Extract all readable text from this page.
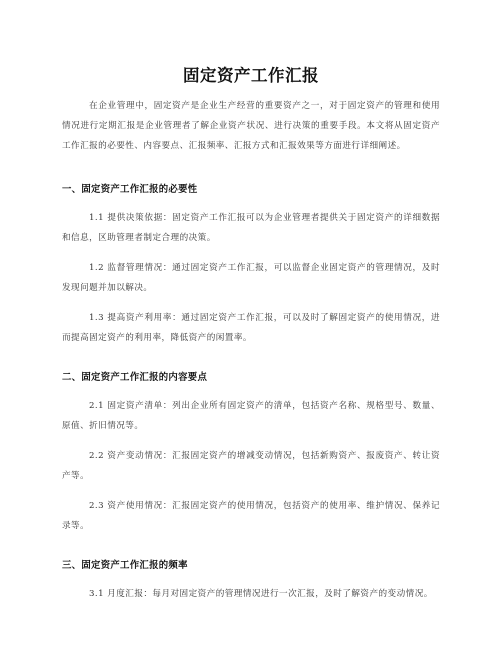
固定资产工作汇报

在企业管理中，固定资产是企业生产经营的重要资产之一，对于固定资产的管理和使用情况进行定期汇报是企业管理者了解企业资产状况、进行决策的重要手段。本文将从固定资产工作汇报的必要性、内容要点、汇报频率、汇报方式和汇报效果等方面进行详细阐述。

一、固定资产工作汇报的必要性

1.1 提供决策依据：固定资产工作汇报可以为企业管理者提供关于固定资产的详细数据和信息，区助管理者制定合理的决策。

1.2 监督管理情况：通过固定资产工作汇报，可以监督企业固定资产的管理情况，及时发现问题并加以解决。

1.3 提高资产利用率：通过固定资产工作汇报，可以及时了解固定资产的使用情况，进而提高固定资产的利用率，降低资产的闲置率。

二、固定资产工作汇报的内容要点

2.1 固定资产清单：列出企业所有固定资产的清单，包括资产名称、规格型号、数量、原值、折旧情况等。

2.2 资产变动情况：汇报固定资产的增减变动情况，包括新购资产、报废资产、转让资产等。

2.3 资产使用情况：汇报固定资产的使用情况，包括资产的使用率、维护情况、保养记录等。

三、固定资产工作汇报的频率

3.1 月度汇报：每月对固定资产的管理情况进行一次汇报，及时了解资产的变动情况。
